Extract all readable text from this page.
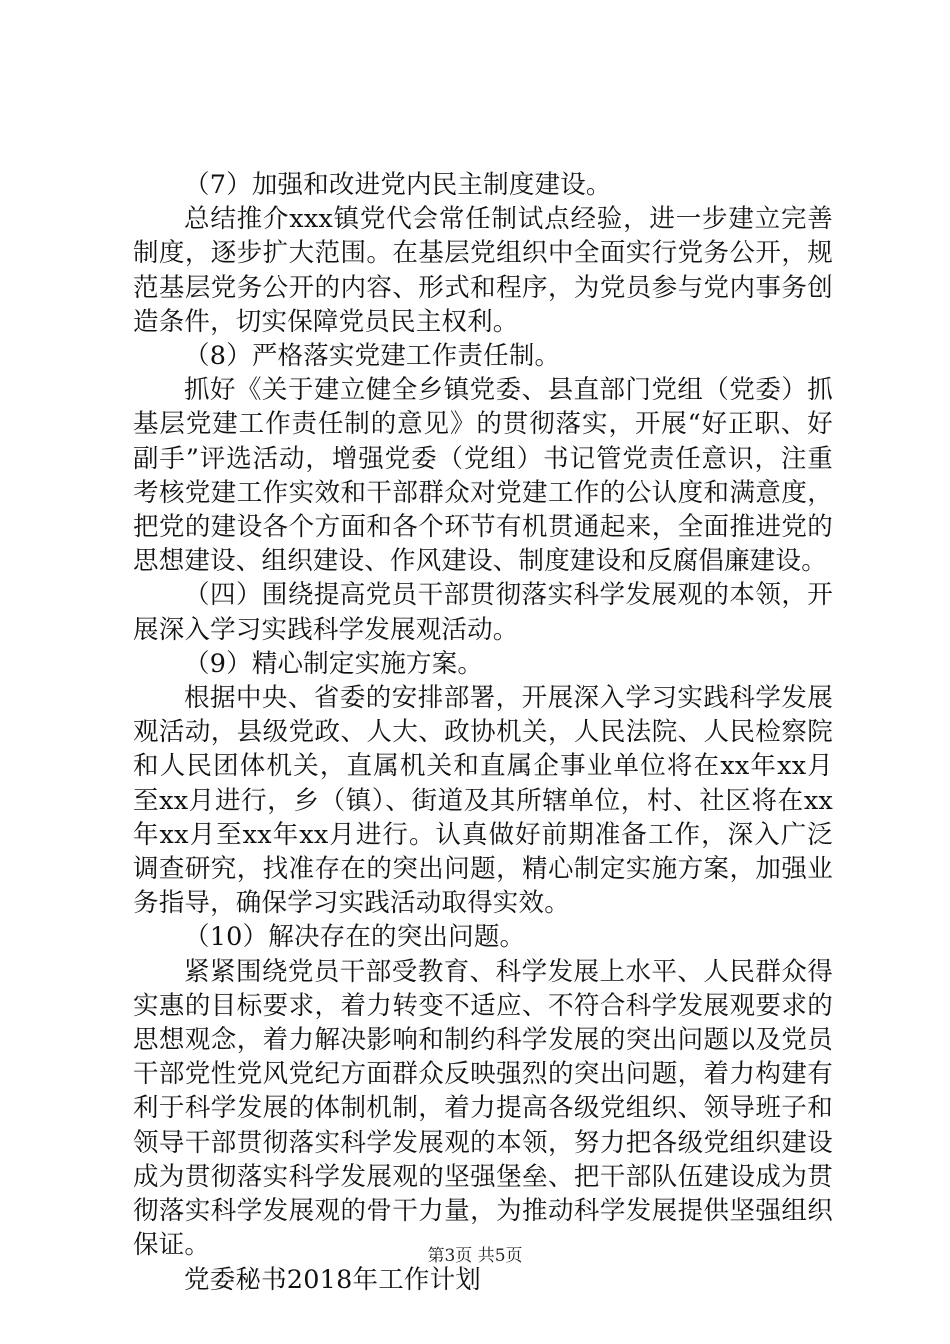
（7）加强和改进党内民主制度建设。

总结推介xxx镇党代会常任制试点经验，进一步建立完善制度，逐步扩大范围。在基层党组织中全面实行党务公开，规范基层党务公开的内容、形式和程序，为党员参与党内事务创造条件，切实保障党员民主权利。

（8）严格落实党建工作责任制。

抓好《关于建立健全乡镇党委、县直部门党组（党委）抓基层党建工作责任制的意见》的贯彻落实，开展“好正职、好副手”评选活动，增强党委（党组）书记管党责任意识，注重考核党建工作实效和干部群众对党建工作的公认度和满意度，把党的建设各个方面和各个环节有机贯通起来，全面推进党的思想建设、组织建设、作风建设、制度建设和反腐倡廉建设。

（四）围绕提高党员干部贯彻落实科学发展观的本领，开展深入学习实践科学发展观活动。

（9）精心制定实施方案。

根据中央、省委的安排部署，开展深入学习实践科学发展观活动，县级党政、人大、政协机关，人民法院、人民检察院和人民团体机关，直属机关和直属企事业单位将在xx年xx月至xx月进行，乡（镇）、街道及其所辖单位，村、社区将在xx年xx月至xx年xx月进行。认真做好前期准备工作，深入广泛调查研究，找准存在的突出问题，精心制定实施方案，加强业务指导，确保学习实践活动取得实效。

（10）解决存在的突出问题。

紧紧围绕党员干部受教育、科学发展上水平、人民群众得实惠的目标要求，着力转变不适应、不符合科学发展观要求的思想观念，着力解决影响和制约科学发展的突出问题以及党员干部党性党风党纪方面群众反映强烈的突出问题，着力构建有利于科学发展的体制机制，着力提高各级党组织、领导班子和领导干部贯彻落实科学发展观的本领，努力把各级党组织建设成为贯彻落实科学发展观的坚强堡垒、把干部队伍建设成为贯彻落实科学发展观的骨干力量，为推动科学发展提供坚强组织保证。

党委秘书2018年工作计划

第3页 共5页
